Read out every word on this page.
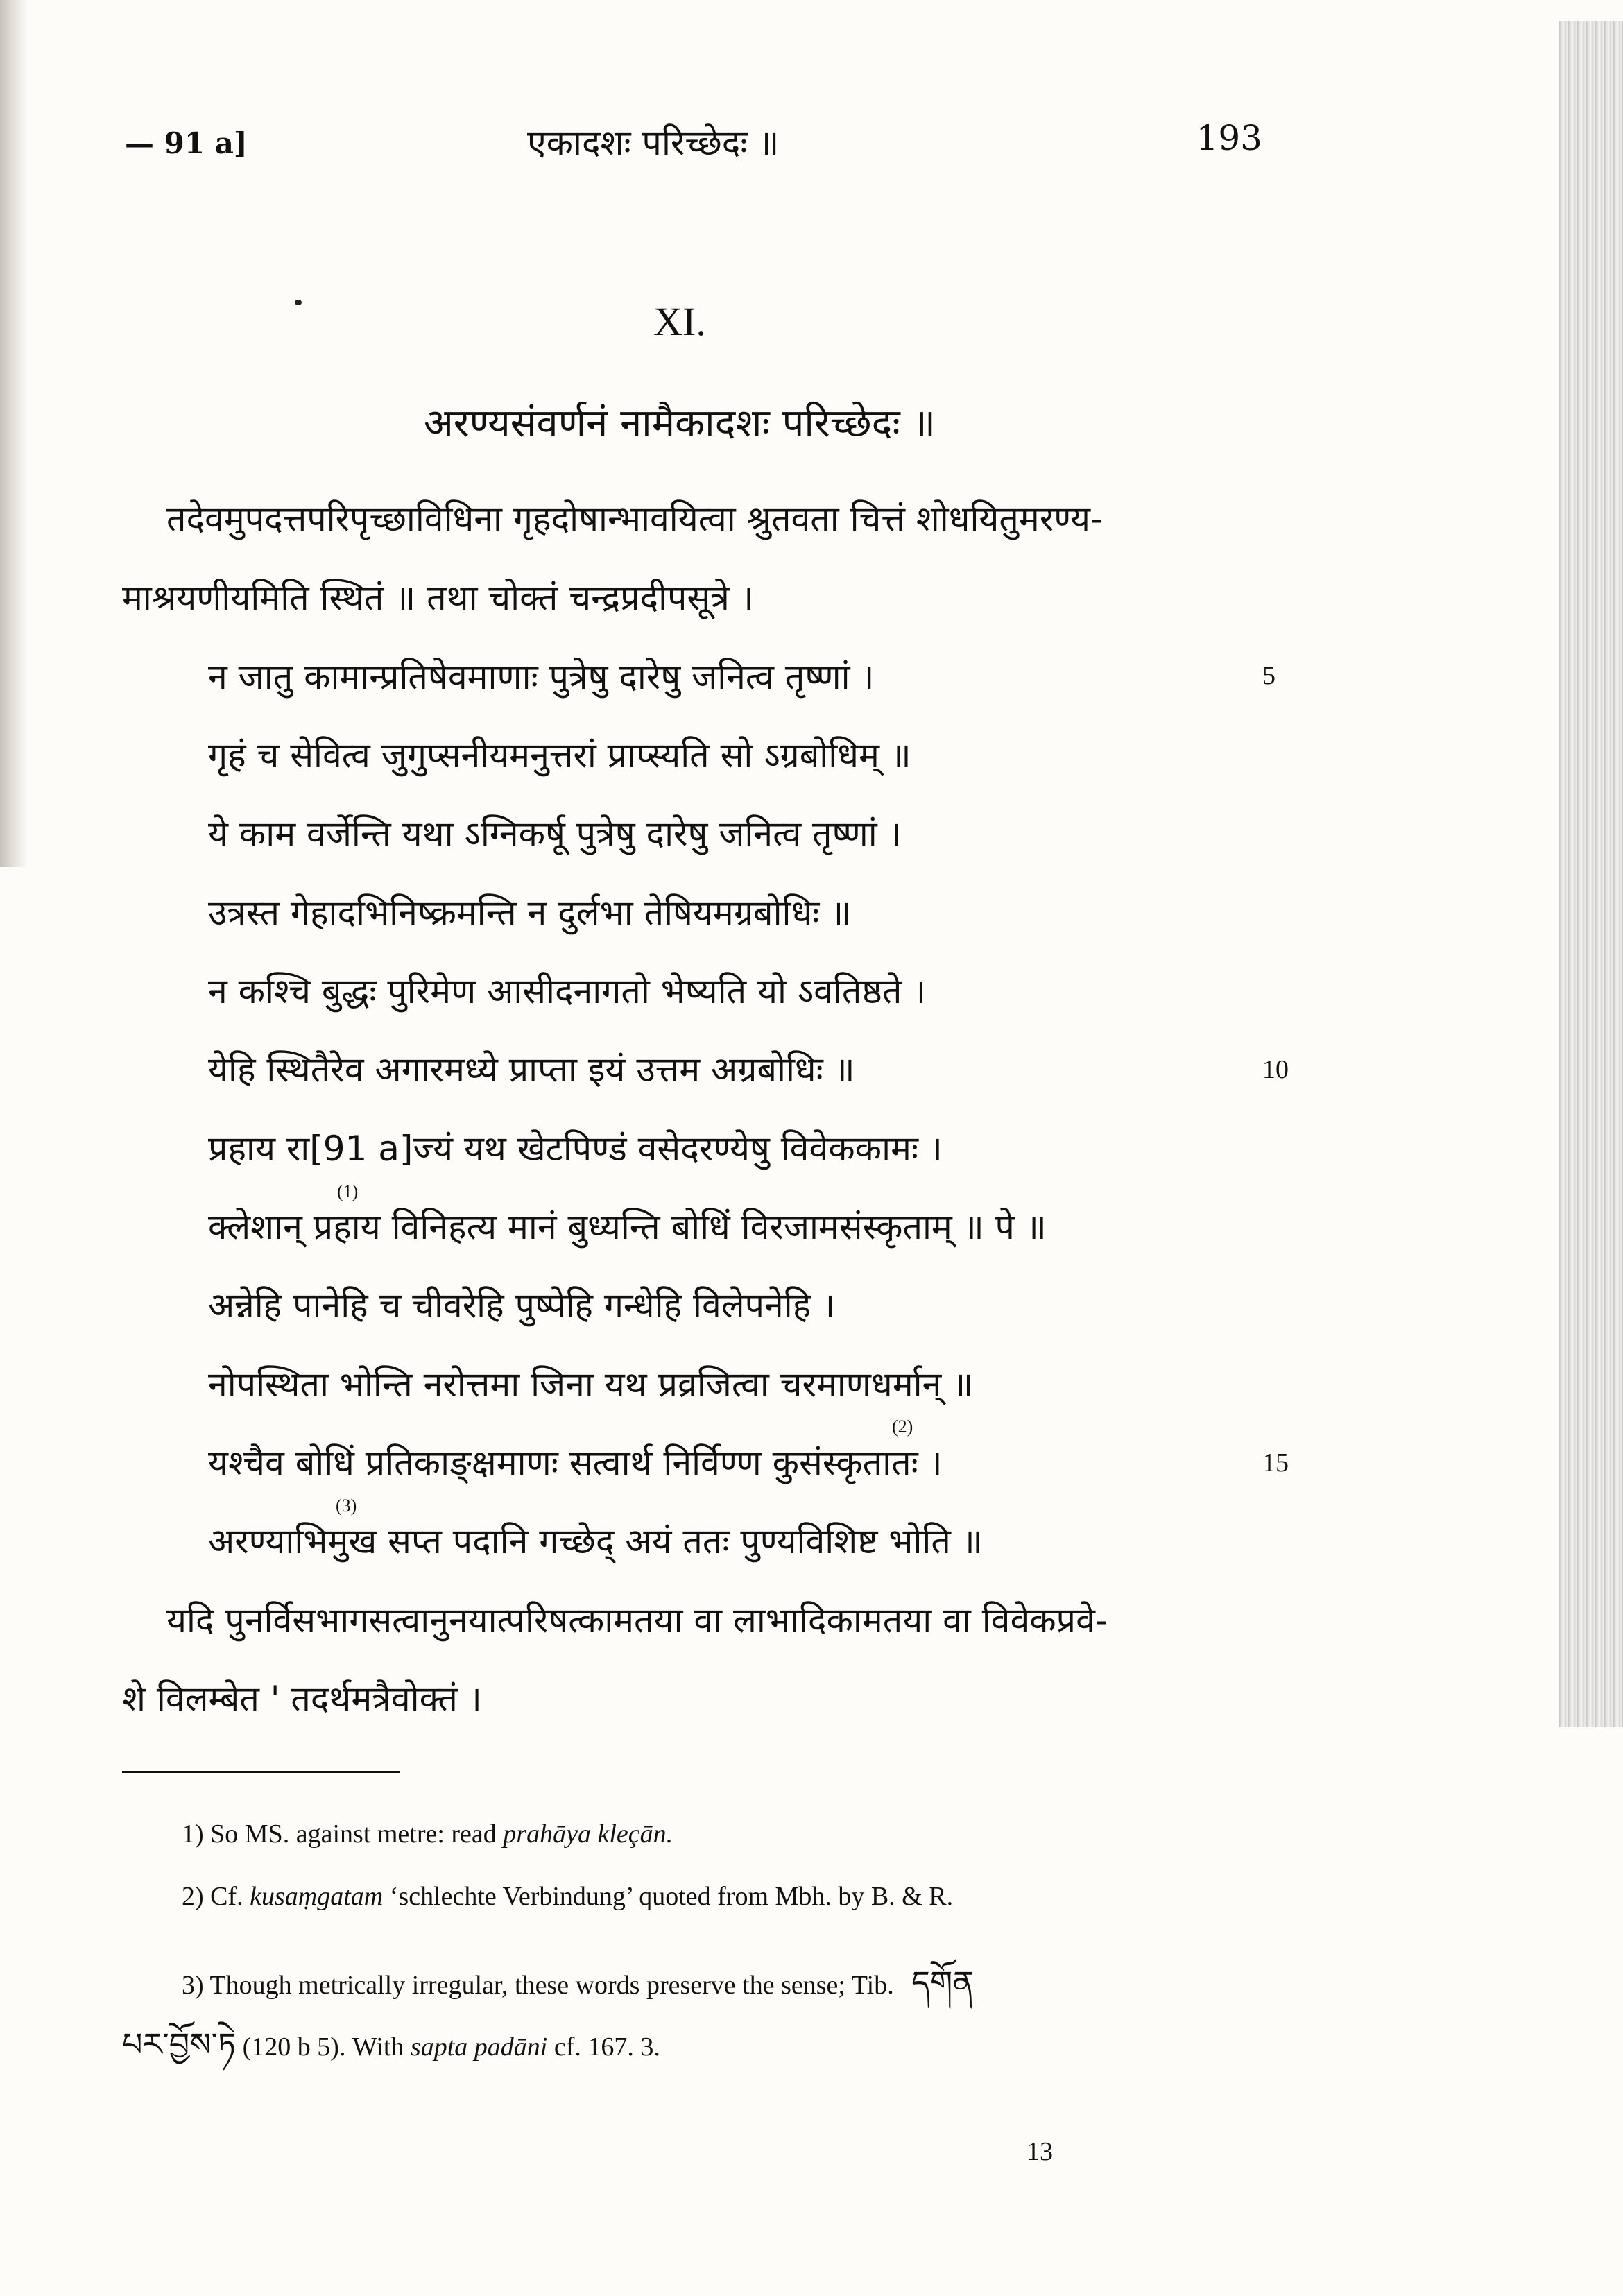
— 91 a]	एकादशः परिच्छेदः ॥	193
XI.
अरण्यसंवर्णनं नामैकादशः परिच्छेदः ॥
तदेवमुपदत्तपरिपृच्छाविधिना गृहदोषान्भावयित्वा श्रुतवता चित्तं शोधयितुमरण्य-
माश्रयणीयमिति स्थितं ॥ तथा चोक्तं चन्द्रप्रदीपसूत्रे ।
न जातु कामान्प्रतिषेवमाणाः पुत्रेषु दारेषु जनित्व तृष्णां ।	5
गृहं च सेवित्व जुगुप्सनीयमनुत्तरां प्राप्स्यति सो ऽग्रबोधिम् ॥
ये काम वर्जेन्ति यथा ऽग्निकर्षू पुत्रेषु दारेषु जनित्व तृष्णां ।
उत्रस्त गेहादभिनिष्क्रमन्ति न दुर्लभा तेषियमग्रबोधिः ॥
न कश्चि बुद्धः पुरिमेण आसीदनागतो भेष्यति यो ऽवतिष्ठते ।
येहि स्थितैरेव अगारमध्ये प्राप्ता इयं उत्तम अग्रबोधिः ॥	10
प्रहाय रा[91 a]ज्यं यथ खेटपिण्डं वसेदरण्येषु विवेककामः ।
(1)
क्लेशान् प्रहाय विनिहत्य मानं बुध्यन्ति बोधिं विरजामसंस्कृताम् ॥ पे ॥
अन्नेहि पानेहि च चीवरेहि पुष्पेहि गन्धेहि विलेपनेहि ।
नोपस्थिता भोन्ति नरोत्तमा जिना यथ प्रव्रजित्वा चरमाणधर्मान् ॥
(2)
यश्चैव बोधिं प्रतिकाङ्क्षमाणः सत्वार्थ निर्विण्ण कुसंस्कृतातः ।	15
(3)
अरण्याभिमुख सप्त पदानि गच्छेद् अयं ततः पुण्यविशिष्ट भोति ॥
यदि पुनर्विसभागसत्वानुनयात्परिषत्कामतया वा लाभादिकामतया वा विवेकप्रवे-
शे विलम्बेत ' तदर्थमत्रैवोक्तं ।
1) So MS. against metre: read prahāya kleçān.
2) Cf. kusaṃgatam ‘schlechte Verbindung’ quoted from Mbh. by B. & R.
3) Though metrically irregular, these words preserve the sense; Tib. དགོན
པར་བྱོས་ཏེ (120 b 5). With sapta padāni cf. 167. 3.
13
